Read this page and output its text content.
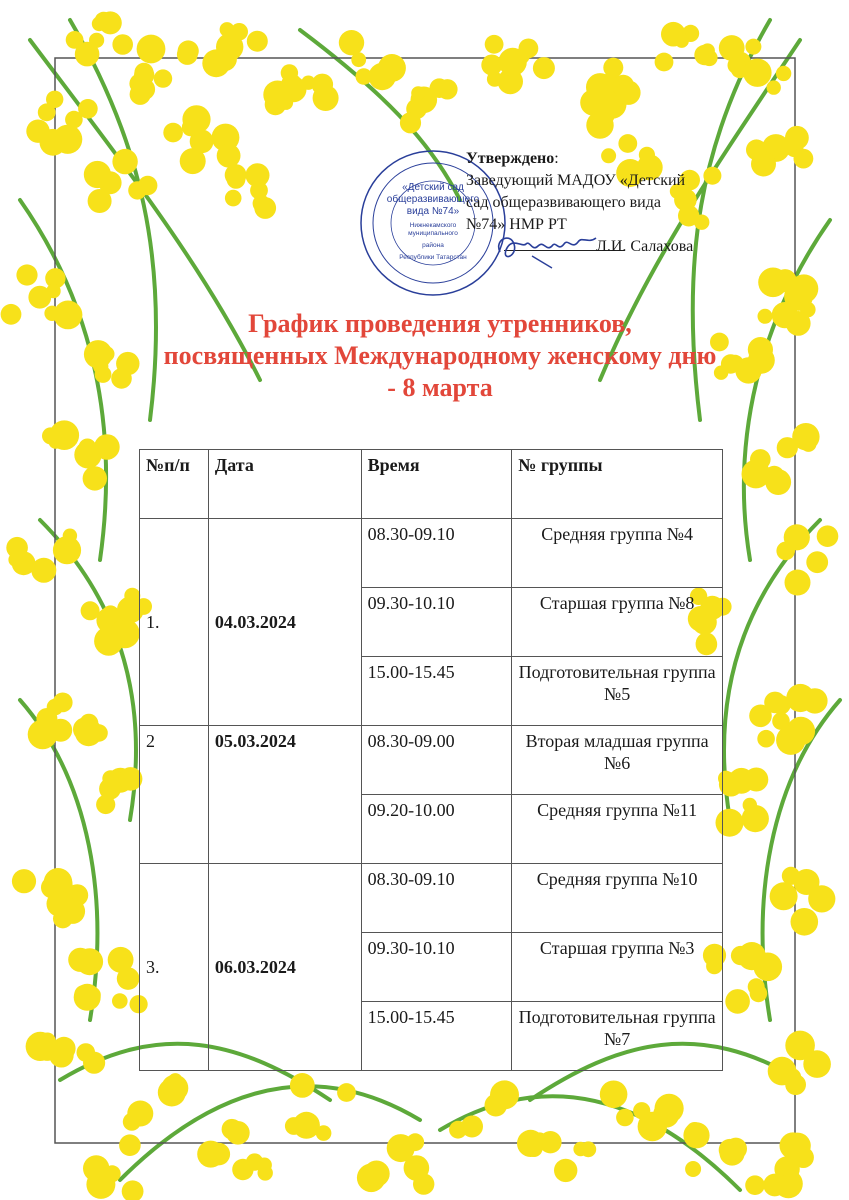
«Детский сад
общеразвивающего
вида №74»
Нижнекамского муниципального
района
Республики Татарстан
Утверждено:
Заведующий МАДОУ «Детский
сад общеразвивающего вида
№74» НМР РТ
Л.И. Салахова
График проведения утренников,
посвященных Международному женскому дню
- 8 марта
№п/п	Дата	Время	№ группы
1.	04.03.2024	08.30-09.10	Средняя группа №4
		09.30-10.10	Старшая группа №8
		15.00-15.45	Подготовительная группа №5
2	05.03.2024	08.30-09.00	Вторая младшая группа №6
		09.20-10.00	Средняя группа №11
3.	06.03.2024	08.30-09.10	Средняя группа №10
		09.30-10.10	Старшая группа №3
		15.00-15.45	Подготовительная группа №7
